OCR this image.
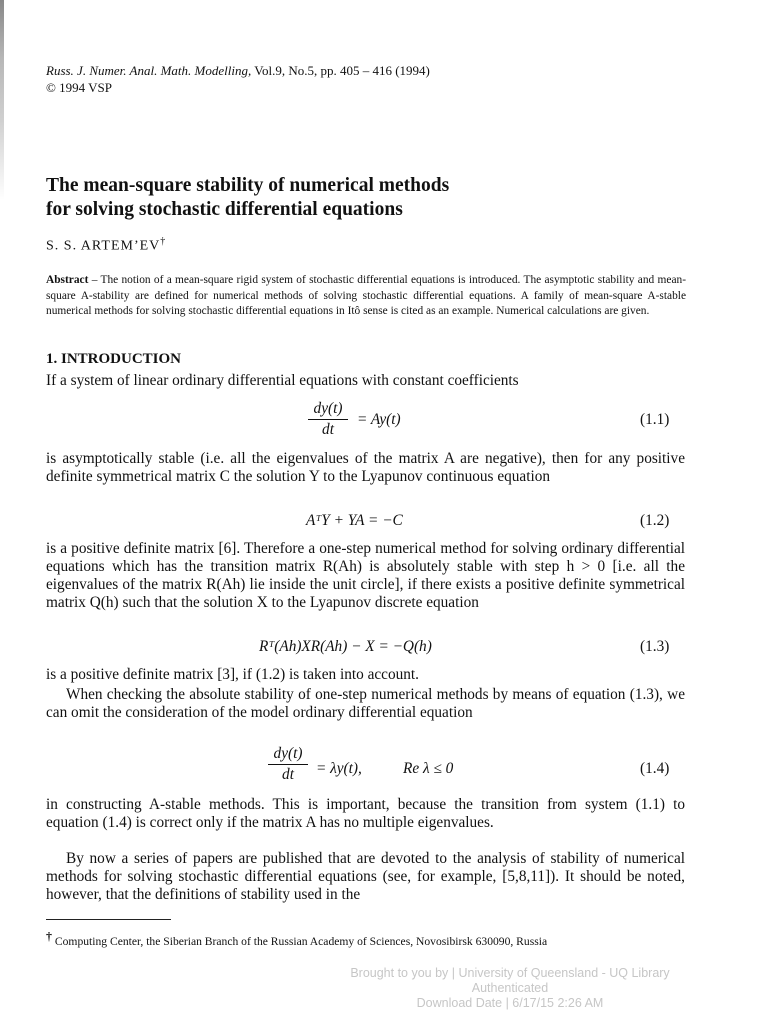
Russ. J. Numer. Anal. Math. Modelling, Vol.9, No.5, pp. 405 – 416 (1994)
© 1994 VSP
The mean-square stability of numerical methods
for solving stochastic differential equations
S. S. ARTEM’EV†
Abstract – The notion of a mean-square rigid system of stochastic differential equations is introduced. The asymptotic stability and mean-square A-stability are defined for numerical methods of solving stochastic differential equations. A family of mean-square A-stable numerical methods for solving stochastic differential equations in Itô sense is cited as an example. Numerical calculations are given.
1. INTRODUCTION
If a system of linear ordinary differential equations with constant coefficients
dy(t)
dt
= Ay(t)	(1.1)
is asymptotically stable (i.e. all the eigenvalues of the matrix A are negative), then for any positive definite symmetrical matrix C the solution Y to the Lyapunov continuous equation
AᵀY + YA = −C	(1.2)
is a positive definite matrix [6]. Therefore a one-step numerical method for solving ordinary differential equations which has the transition matrix R(Ah) is absolutely stable with step h > 0 [i.e. all the eigenvalues of the matrix R(Ah) lie inside the unit circle], if there exists a positive definite symmetrical matrix Q(h) such that the solution X to the Lyapunov discrete equation
Rᵀ(Ah)XR(Ah) − X = −Q(h)	(1.3)
is a positive definite matrix [3], if (1.2) is taken into account.
When checking the absolute stability of one-step numerical methods by means of equation (1.3), we can omit the consideration of the model ordinary differential equation
dy(t)
dt	= λy(t),	Re λ ≤ 0	(1.4)
in constructing A-stable methods. This is important, because the transition from system (1.1) to equation (1.4) is correct only if the matrix A has no multiple eigenvalues.
By now a series of papers are published that are devoted to the analysis of stability of numerical methods for solving stochastic differential equations (see, for example, [5,8,11]). It should be noted, however, that the definitions of stability used in the
† Computing Center, the Siberian Branch of the Russian Academy of Sciences, Novosibirsk 630090, Russia
Brought to you by | University of Queensland - UQ Library
Authenticated
Download Date | 6/17/15 2:26 AM
